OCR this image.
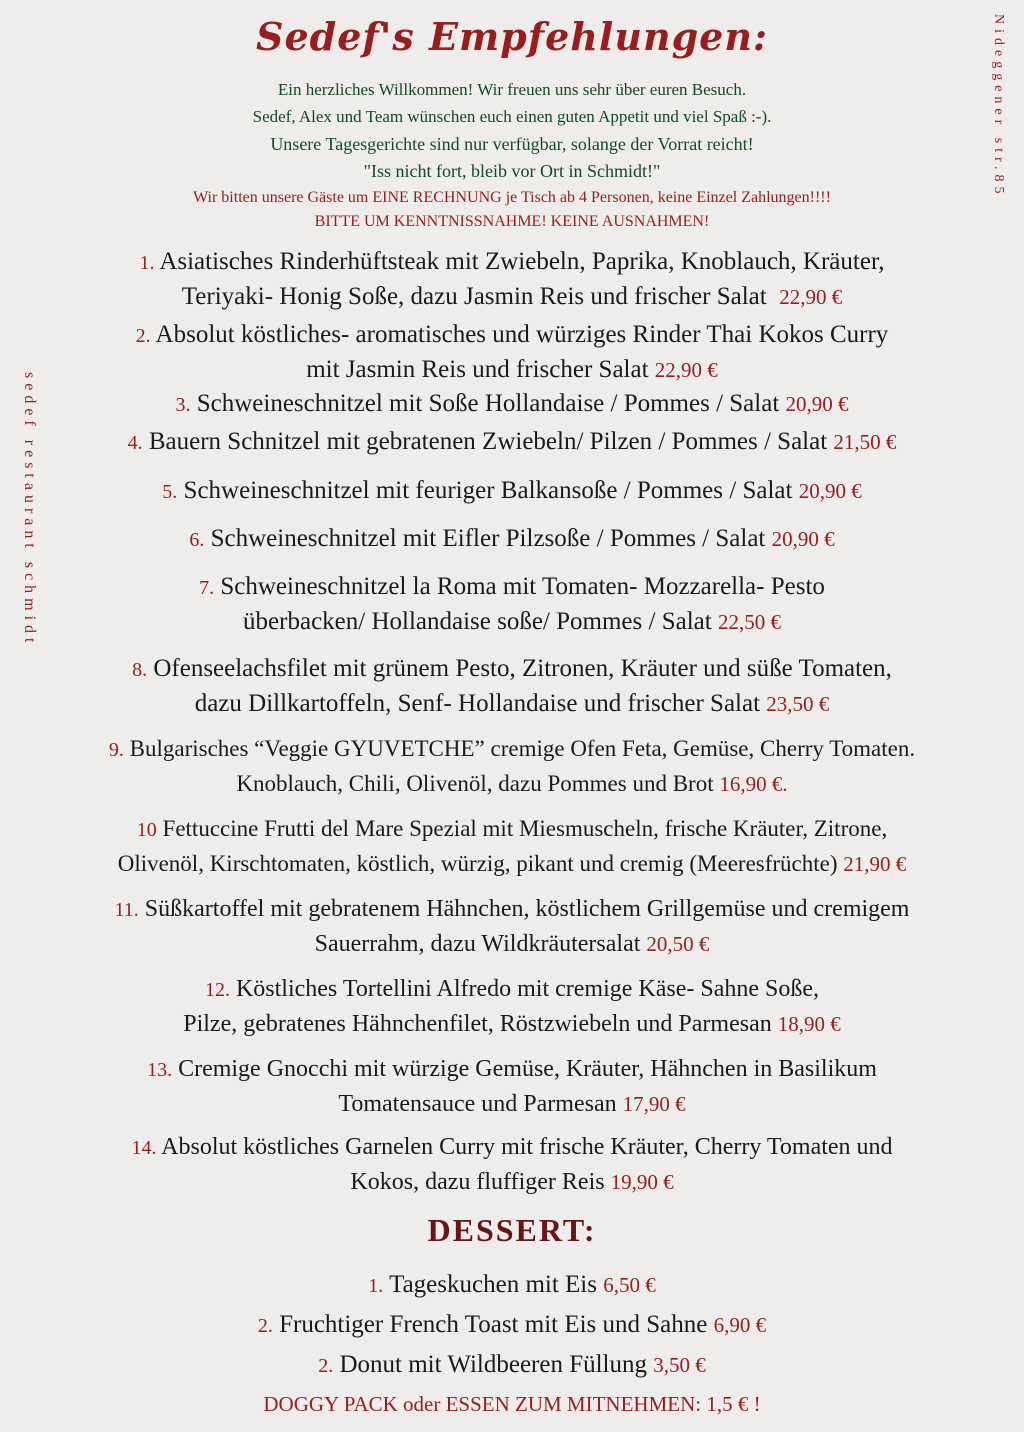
Sedef's Empfehlungen:
Ein herzliches Willkommen! Wir freuen uns sehr über euren Besuch.
Sedef, Alex und Team wünschen euch einen guten Appetit und viel Spaß :-).
Unsere Tagesgerichte sind nur verfügbar, solange der Vorrat reicht!
"Iss nicht fort, bleib vor Ort in Schmidt!"
Wir bitten unsere Gäste um EINE RECHNUNG je Tisch ab 4 Personen, keine Einzel Zahlungen!!!!
BITTE UM KENNTNISSNAHME! KEINE AUSNAHMEN!
Nideggener str.85
sedef restaurant schmidt
1. Asiatisches Rinderhüftsteak mit Zwiebeln, Paprika, Knoblauch, Kräuter,
Teriyaki- Honig Soße, dazu Jasmin Reis und frischer Salat 22,90 €
2. Absolut köstliches- aromatisches und würziges Rinder Thai Kokos Curry
mit Jasmin Reis und frischer Salat 22,90 €
3. Schweineschnitzel mit Soße Hollandaise / Pommes / Salat 20,90 €
4. Bauern Schnitzel mit gebratenen Zwiebeln/ Pilzen / Pommes / Salat 21,50 €
5. Schweineschnitzel mit feuriger Balkansoße / Pommes / Salat 20,90 €
6. Schweineschnitzel mit Eifler Pilzsoße / Pommes / Salat 20,90 €
7. Schweineschnitzel la Roma mit Tomaten- Mozzarella- Pesto
überbacken/ Hollandaise soße/ Pommes / Salat 22,50 €
8. Ofenseelachsfilet mit grünem Pesto, Zitronen, Kräuter und süße Tomaten,
dazu Dillkartoffeln, Senf- Hollandaise und frischer Salat 23,50 €
9. Bulgarisches “Veggie GYUVETCHE” cremige Ofen Feta, Gemüse, Cherry Tomaten.
Knoblauch, Chili, Olivenöl, dazu Pommes und Brot 16,90 €.
10 Fettuccine Frutti del Mare Spezial mit Miesmuscheln, frische Kräuter, Zitrone,
Olivenöl, Kirschtomaten, köstlich, würzig, pikant und cremig (Meeresfrüchte) 21,90 €
11. Süßkartoffel mit gebratenem Hähnchen, köstlichem Grillgemüse und cremigem
Sauerrahm, dazu Wildkräutersalat 20,50 €
12. Köstliches Tortellini Alfredo mit cremige Käse- Sahne Soße,
Pilze, gebratenes Hähnchenfilet, Röstzwiebeln und Parmesan 18,90 €
13. Cremige Gnocchi mit würzige Gemüse, Kräuter, Hähnchen in Basilikum
Tomatensauce und Parmesan 17,90 €
14. Absolut köstliches Garnelen Curry mit frische Kräuter, Cherry Tomaten und
Kokos, dazu fluffiger Reis 19,90 €
DESSERT:
1. Tageskuchen mit Eis 6,50 €
2. Fruchtiger French Toast mit Eis und Sahne 6,90 €
2. Donut mit Wildbeeren Füllung 3,50 €
DOGGY PACK oder ESSEN ZUM MITNEHMEN: 1,5 € !
